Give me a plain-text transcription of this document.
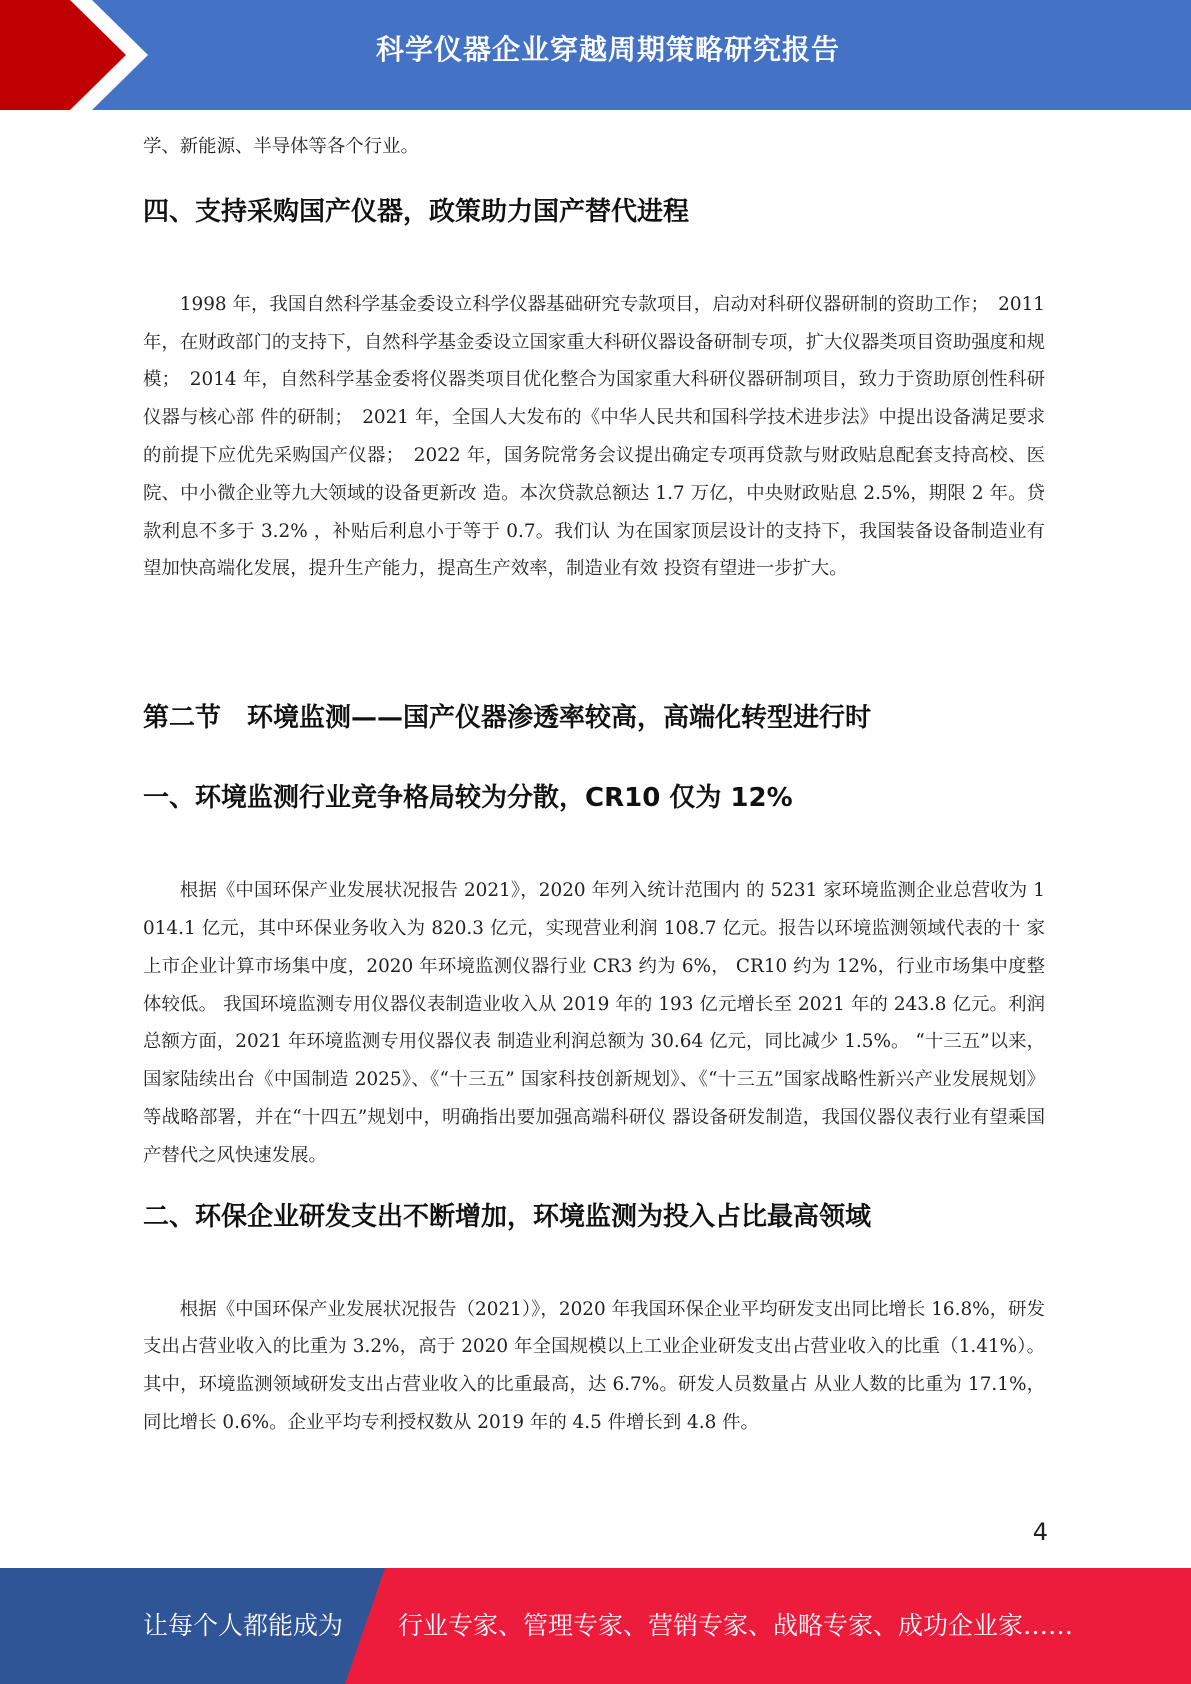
科学仪器企业穿越周期策略研究报告

学、新能源、半导体等各个行业。

四、支持采购国产仪器，政策助力国产替代进程

1998 年，我国自然科学基金委设立科学仪器基础研究专款项目，启动对科研仪器研制的资助工作；　2011 年，在财政部门的支持下，自然科学基金委设立国家重大科研仪器设备研制专项，扩大仪器类项目资助强度和规 模；　2014 年，自然科学基金委将仪器类项目优化整合为国家重大科研仪器研制项目，致力于资助原创性科研仪器与核心部 件的研制；　2021 年，全国人大发布的《中华人民共和国科学技术进步法》中提出设备满足要求的前提下应优先采购国产仪器；　2022 年，国务院常务会议提出确定专项再贷款与财政贴息配套支持高校、医院、中小微企业等九大领域的设备更新改 造。本次贷款总额达 1.7 万亿，中央财政贴息 2.5%，期限 2 年。贷款利息不多于 3.2% ，补贴后利息小于等于 0.7。我们认 为在国家顶层设计的支持下，我国装备设备制造业有望加快高端化发展，提升生产能力，提高生产效率，制造业有效 投资有望进一步扩大。

第二节　环境监测——国产仪器渗透率较高，高端化转型进行时
一、环境监测行业竞争格局较为分散，CR10 仅为 12%

根据《中国环保产业发展状况报告 2021》，2020 年列入统计范围内 的 5231 家环境监测企业总营收为 1014.1 亿元，其中环保业务收入为 820.3 亿元，实现营业利润 108.7 亿元。报告以环境监测领域代表的十 家上市企业计算市场集中度，2020 年环境监测仪器行业 CR3 约为 6%， CR10 约为 12%，行业市场集中度整体较低。 我国环境监测专用仪器仪表制造业收入从 2019 年的 193 亿元增长至 2021 年的 243.8 亿元。利润总额方面，2021 年环境监测专用仪器仪表 制造业利润总额为 30.64 亿元，同比减少 1.5%。 “十三五”以来，国家陆续出台《中国制造 2025》、《“十三五” 国家科技创新规划》、《“十三五”国家战略性新兴产业发展规划》 等战略部署，并在“十四五”规划中，明确指出要加强高端科研仪 器设备研发制造，我国仪器仪表行业有望乘国产替代之风快速发展。

二、环保企业研发支出不断增加，环境监测为投入占比最高领域

根据《中国环保产业发展状况报告（2021）》，2020 年我国环保企业平均研发支出同比增长 16.8%，研发支出占营业收入的比重为 3.2%，高于 2020 年全国规模以上工业企业研发支出占营业收入的比重（1.41%）。其中，环境监测领域研发支出占营业收入的比重最高，达 6.7%。研发人员数量占 从业人数的比重为 17.1%，同比增长 0.6%。企业平均专利授权数从 2019 年的 4.5 件增长到 4.8 件。

4
让每个人都能成为 行业专家、管理专家、营销专家、战略专家、成功企业家……
